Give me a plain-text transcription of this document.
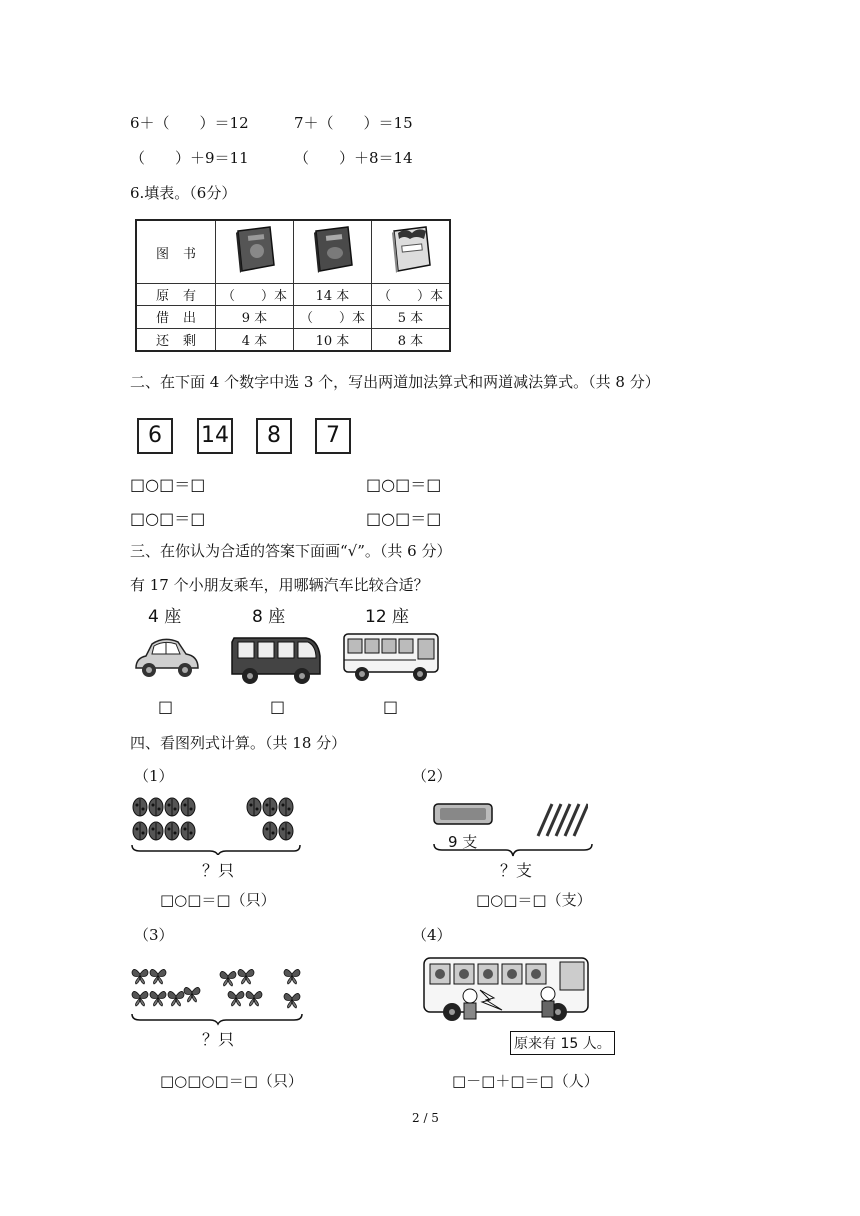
6＋（　　）＝12	7＋（　　）＝15
（　　）＋9＝11	（　　）＋8＝14
6.填表。（6分）
图书			
原有	（　　）本	14 本	（　　）本
借出	9 本	（　　）本	5 本
还剩	4 本	10 本	8 本
二、在下面 4 个数字中选 3 个，写出两道加法算式和两道减法算式。（共 8 分）
6	14	8	7
□○□＝□	□○□＝□
□○□＝□	□○□＝□
三、在你认为合适的答案下面画“√”。（共 6 分）
有 17 个小朋友乘车，用哪辆汽车比较合适？
4 座	8 座	12 座
□	□	□
四、看图列式计算。（共 18 分）
（1）
？只
□○□＝□（只）
（2）
9 支
？支
□○□＝□（支）
（3）
？只
□○□○□＝□（只）
（4）
原来有 15 人。
□－□＋□＝□（人）
2 / 5
